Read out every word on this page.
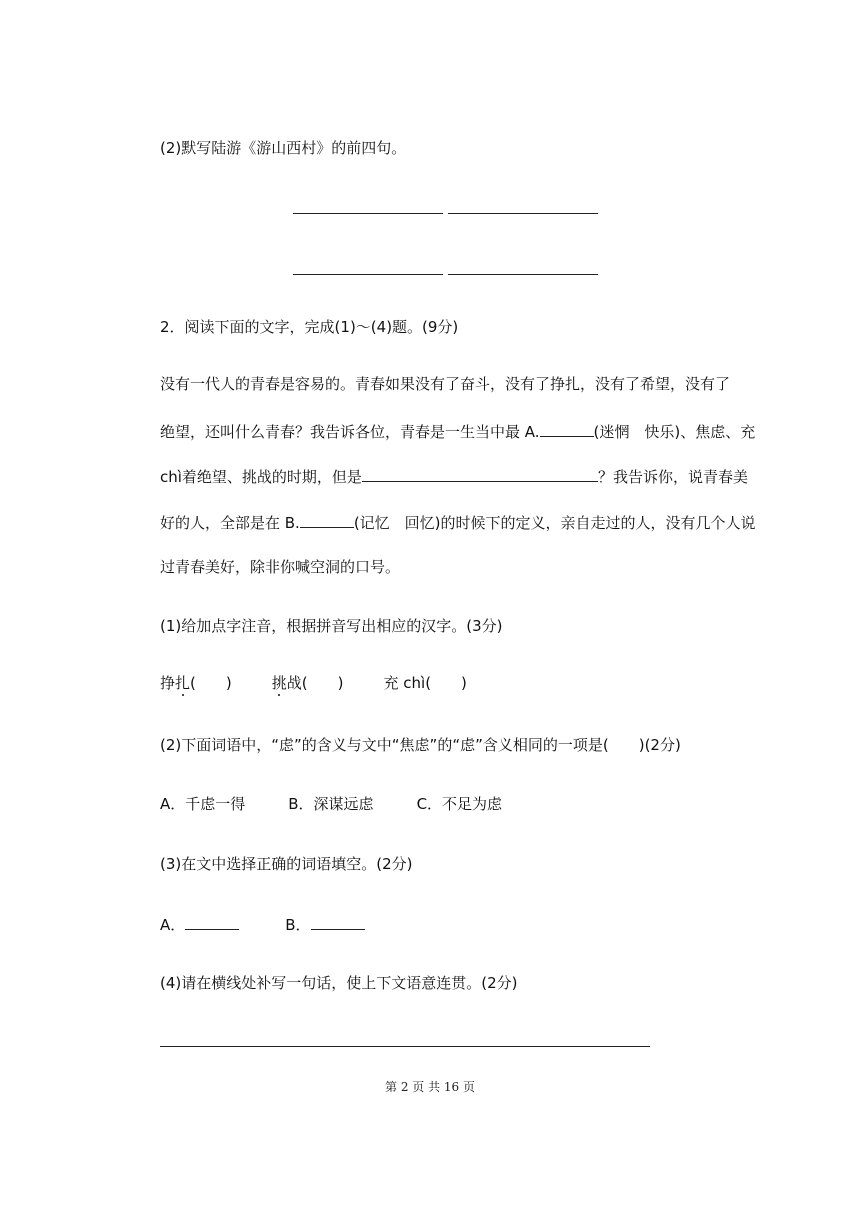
(2)默写陆游《游山西村》的前四句。
2．阅读下面的文字，完成(1)～(4)题。(9分)
没有一代人的青春是容易的。青春如果没有了奋斗，没有了挣扎，没有了希望，没有了
绝望，还叫什么青春？我告诉各位，青春是一生当中最 A.	(迷惘　快乐)、焦虑、充
chì着绝望、挑战的时期，但是	？我告诉你，说青春美
好的人，全部是在 B.	(记忆　回忆)的时候下的定义，亲自走过的人，没有几个人说
过青春美好，除非你喊空洞的口号。
(1)给加点字注音，根据拼音写出相应的汉字。(3分)
挣扎(　　)	挑战(　　)	充 chì(　　)
(2)下面词语中，“虑”的含义与文中“焦虑”的“虑”含义相同的一项是(　　)(2分)
A．千虑一得	B．深谋远虑	C．不足为虑
(3)在文中选择正确的词语填空。(2分)
A．	B．
(4)请在横线处补写一句话，使上下文语意连贯。(2分)
第 2 页 共 16 页
